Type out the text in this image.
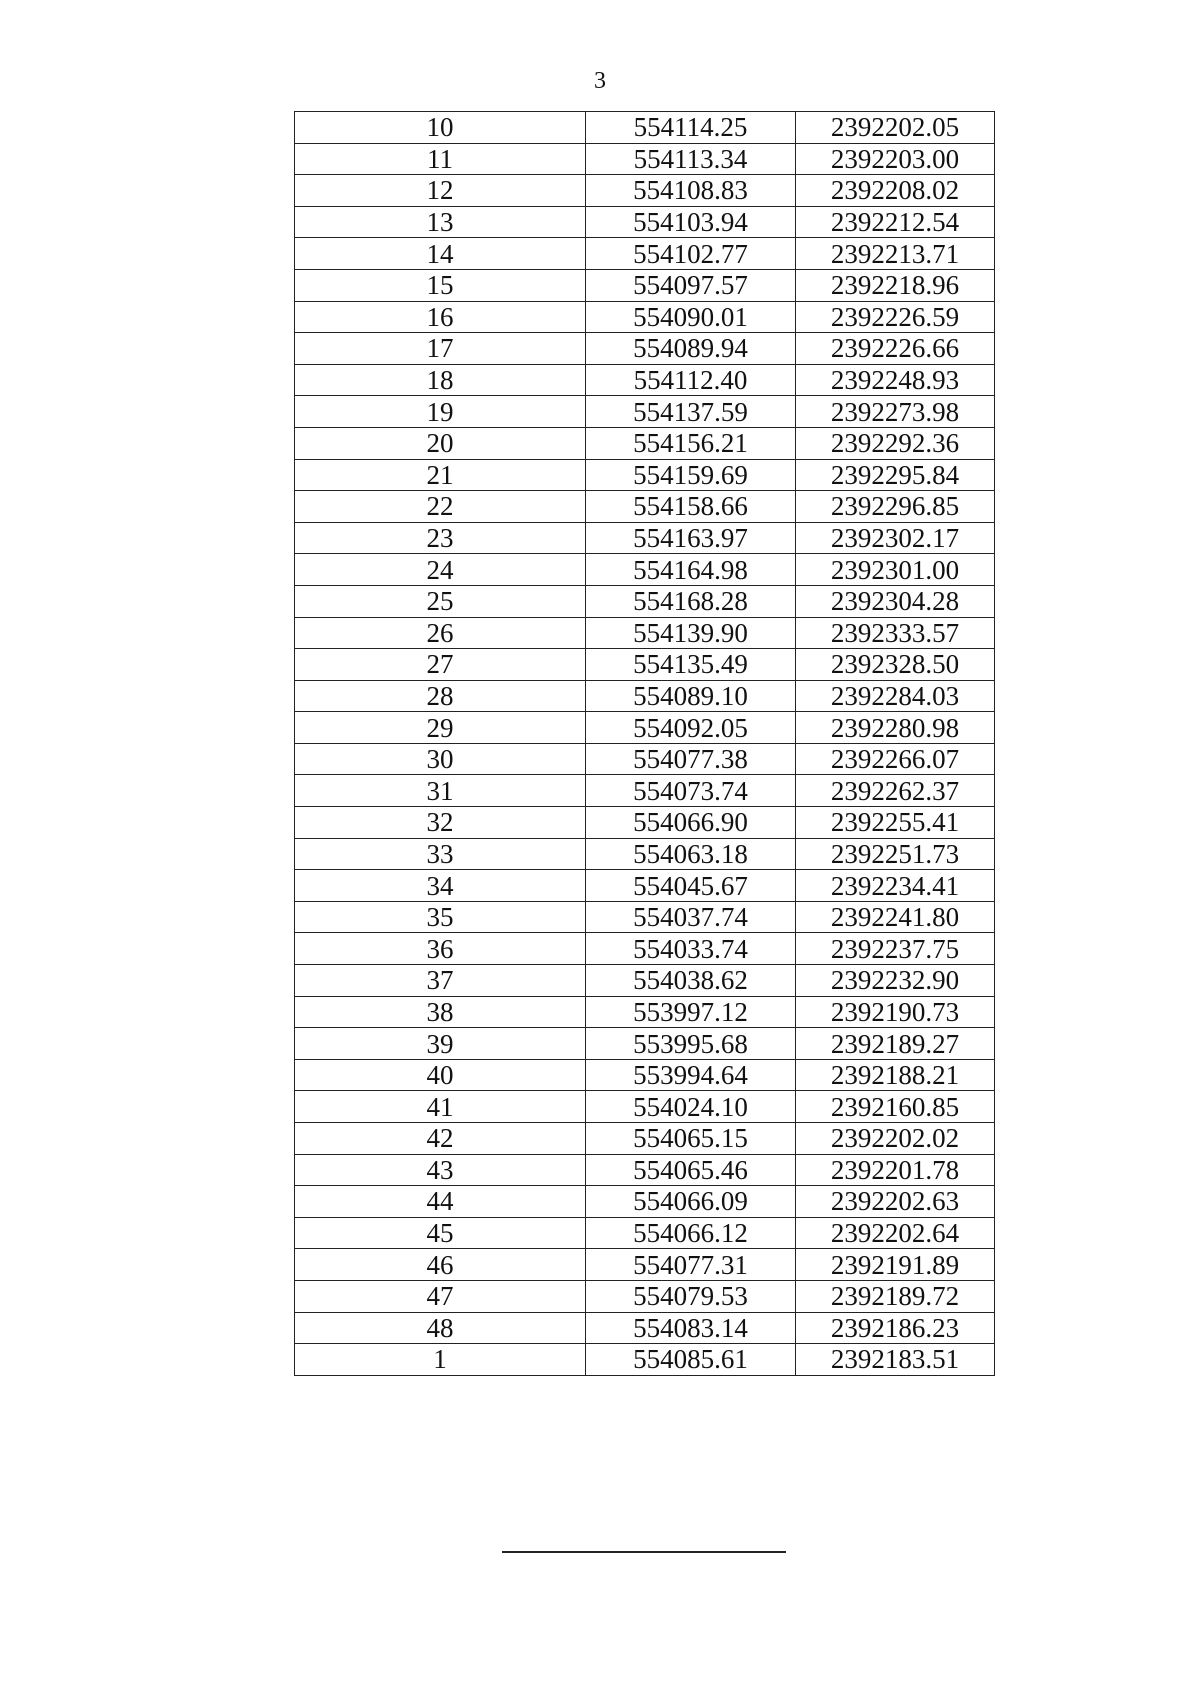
3
10	554114.25	2392202.05
11	554113.34	2392203.00
12	554108.83	2392208.02
13	554103.94	2392212.54
14	554102.77	2392213.71
15	554097.57	2392218.96
16	554090.01	2392226.59
17	554089.94	2392226.66
18	554112.40	2392248.93
19	554137.59	2392273.98
20	554156.21	2392292.36
21	554159.69	2392295.84
22	554158.66	2392296.85
23	554163.97	2392302.17
24	554164.98	2392301.00
25	554168.28	2392304.28
26	554139.90	2392333.57
27	554135.49	2392328.50
28	554089.10	2392284.03
29	554092.05	2392280.98
30	554077.38	2392266.07
31	554073.74	2392262.37
32	554066.90	2392255.41
33	554063.18	2392251.73
34	554045.67	2392234.41
35	554037.74	2392241.80
36	554033.74	2392237.75
37	554038.62	2392232.90
38	553997.12	2392190.73
39	553995.68	2392189.27
40	553994.64	2392188.21
41	554024.10	2392160.85
42	554065.15	2392202.02
43	554065.46	2392201.78
44	554066.09	2392202.63
45	554066.12	2392202.64
46	554077.31	2392191.89
47	554079.53	2392189.72
48	554083.14	2392186.23
1	554085.61	2392183.51
